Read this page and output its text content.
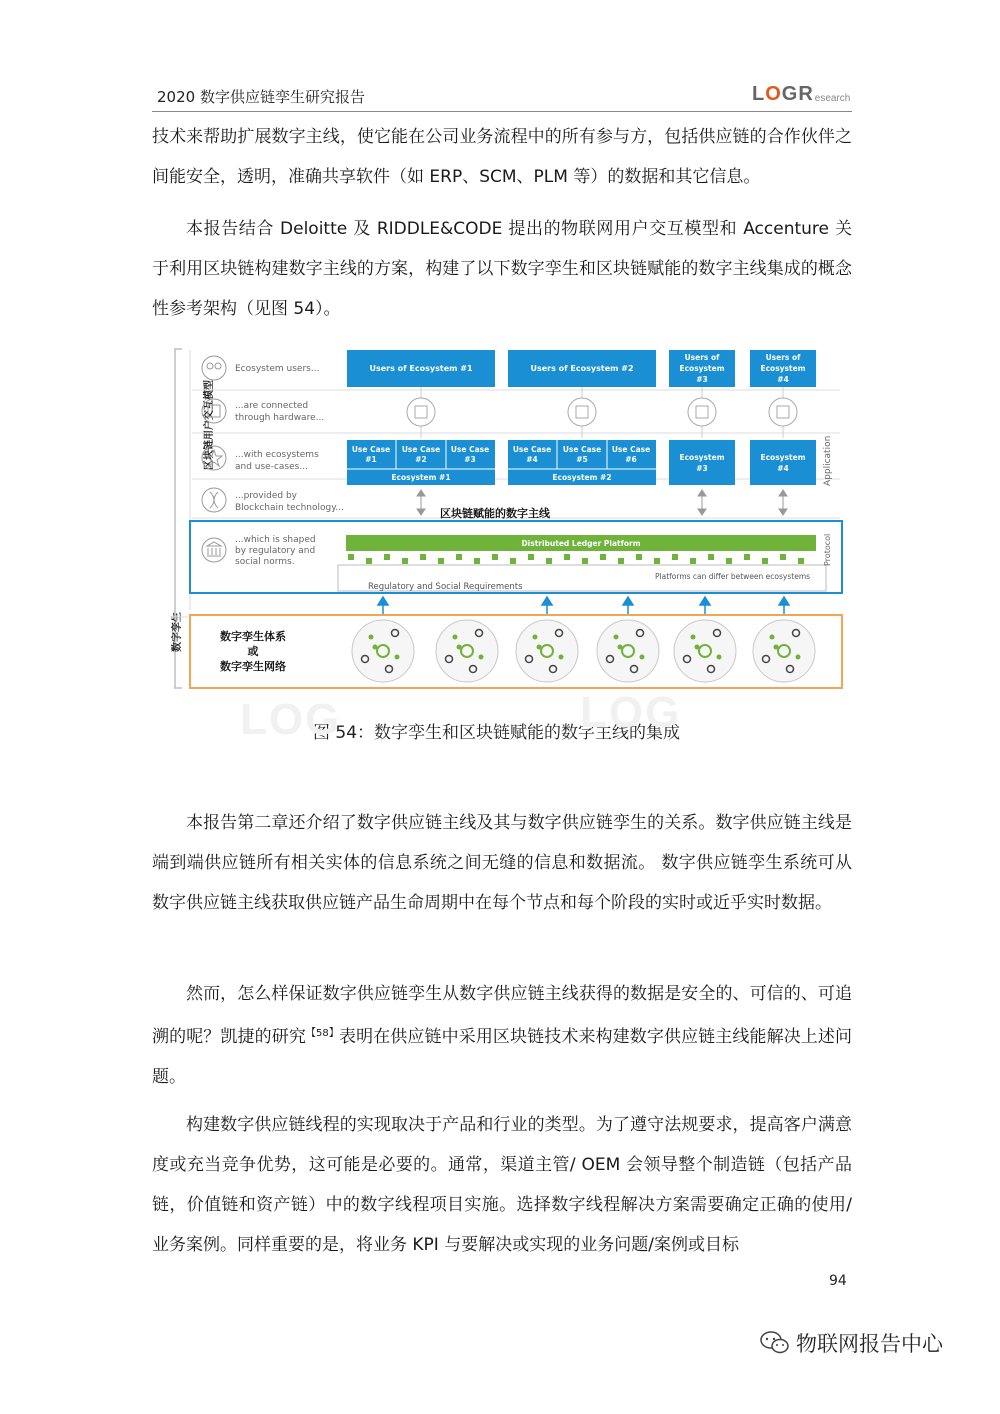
2020 数字供应链孪生研究报告	L O G R esearch

技术来帮助扩展数字主线，使它能在公司业务流程中的所有参与方，包括供应链的合作伙伴之间能安全，透明，准确共享软件（如 ERP、SCM、PLM 等）的数据和其它信息。

本报告结合 Deloitte 及 RIDDLE&CODE 提出的物联网用户交互模型和 Accenture 关于利用区块链构建数字主线的方案，构建了以下数字孪生和区块链赋能的数字主线集成的概念性参考架构（见图 54）。

区块链用户交互模型
数字孪生
Ecosystem users...
...are connected
through hardware...
...with ecosystems
and use-cases...
...provided by
Blockchain technology...
...which is shaped
by regulatory and
social norms.
Users of Ecosystem #1	Users of Ecosystem #2
Users of
Ecosystem
#3
Users of
Ecosystem
#4
Use Case
#1
Use Case
#2
Use Case
#3
Use Case
#4
Use Case
#5
Use Case
#6
Ecosystem #1	Ecosystem #2
Ecosystem
#3
Ecosystem
#4	Application
区块链赋能的数字主线
Distributed Ledger Platform
Platforms can differ between ecosystems
Regulatory and Social Requirements
Protocol
数字孪生体系
或
数字孪生网络
图 54：数字孪生和区块链赋能的数字主线的集成
LOG	LOG

本报告第二章还介绍了数字供应链主线及其与数字供应链孪生的关系。数字供应链主线是端到端供应链所有相关实体的信息系统之间无缝的信息和数据流。 数字供应链孪生系统可从数字供应链主线获取供应链产品生命周期中在每个节点和每个阶段的实时或近乎实时数据。

然而，怎么样保证数字供应链孪生从数字供应链主线获得的数据是安全的、可信的、可追溯的呢？凯捷的研究$^{【58】}$表明在供应链中采用区块链技术来构建数字供应链主线能解决上述问题。

构建数字供应链线程的实现取决于产品和行业的类型。为了遵守法规要求，提高客户满意度或充当竞争优势，这可能是必要的。通常，渠道主管/ OEM 会领导整个制造链（包括产品链，价值链和资产链）中的数字线程项目实施。选择数字线程解决方案需要确定正确的使用/业务案例。同样重要的是，将业务 KPI 与要解决或实现的业务问题/案例或目标

94
物联网报告中心
